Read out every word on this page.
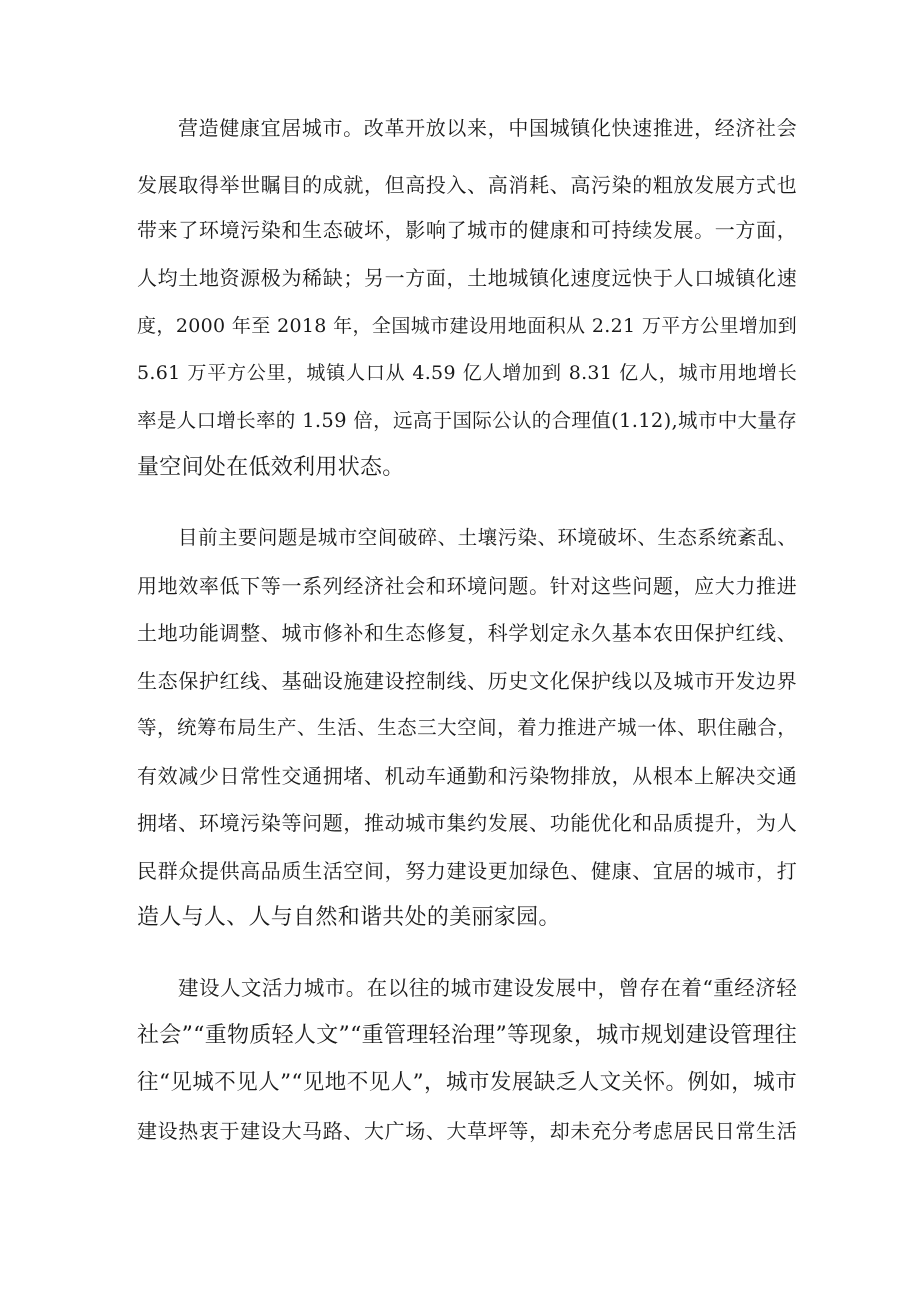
营造健康宜居城市。改革开放以来，中国城镇化快速推进，经济社会
发展取得举世瞩目的成就，但高投入、高消耗、高污染的粗放发展方式也
带来了环境污染和生态破坏，影响了城市的健康和可持续发展。一方面，
人均土地资源极为稀缺；另一方面，土地城镇化速度远快于人口城镇化速
度，2000 年至 2018 年，全国城市建设用地面积从 2.21 万平方公里增加到
5.61 万平方公里，城镇人口从 4.59 亿人增加到 8.31 亿人，城市用地增长
率是人口增长率的 1.59 倍，远高于国际公认的合理值(1.12),城市中大量存
量空间处在低效利用状态。
目前主要问题是城市空间破碎、土壤污染、环境破坏、生态系统紊乱、
用地效率低下等一系列经济社会和环境问题。针对这些问题，应大力推进
土地功能调整、城市修补和生态修复，科学划定永久基本农田保护红线、
生态保护红线、基础设施建设控制线、历史文化保护线以及城市开发边界
等，统筹布局生产、生活、生态三大空间，着力推进产城一体、职住融合，
有效减少日常性交通拥堵、机动车通勤和污染物排放，从根本上解决交通
拥堵、环境污染等问题，推动城市集约发展、功能优化和品质提升，为人
民群众提供高品质生活空间，努力建设更加绿色、健康、宜居的城市，打
造人与人、人与自然和谐共处的美丽家园。
建设人文活力城市。在以往的城市建设发展中，曾存在着“重经济轻
社会”“重物质轻人文”“重管理轻治理”等现象，城市规划建设管理往
往“见城不见人”“见地不见人”，城市发展缺乏人文关怀。例如，城市
建设热衷于建设大马路、大广场、大草坪等，却未充分考虑居民日常生活
